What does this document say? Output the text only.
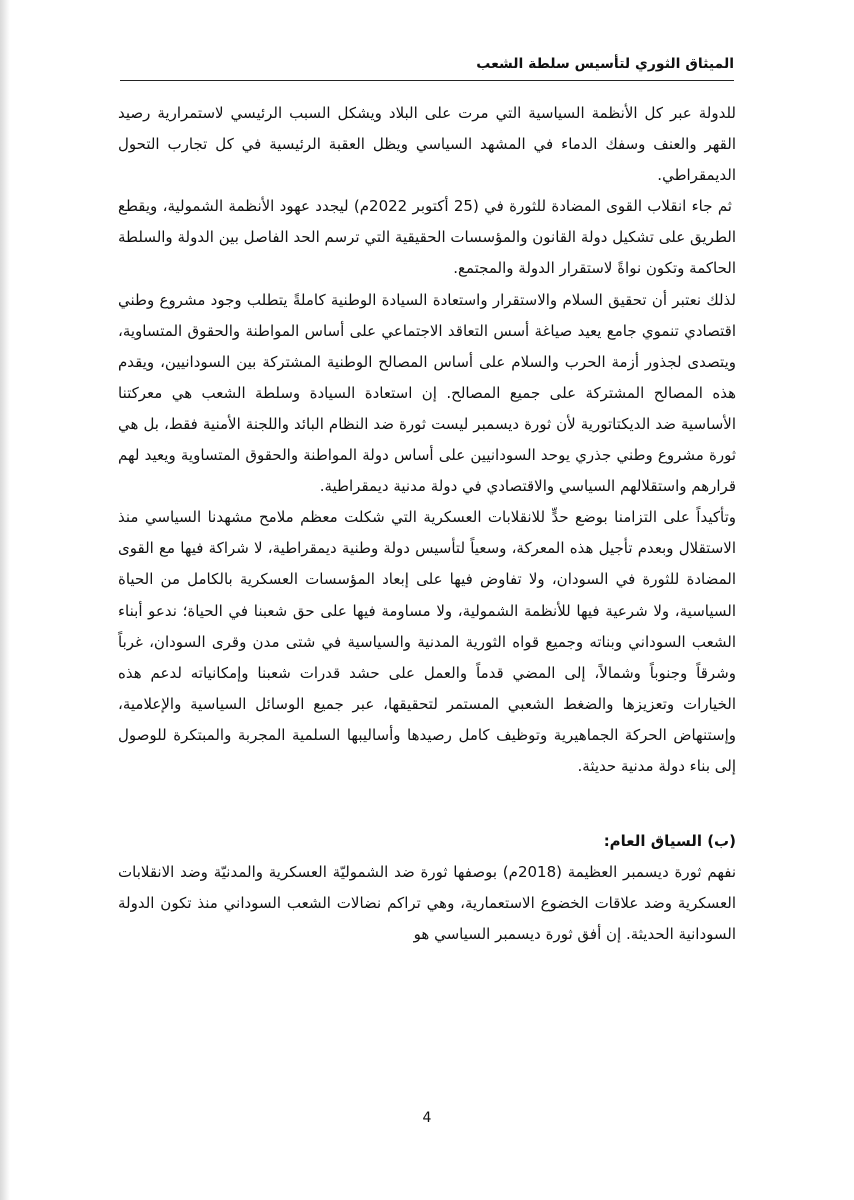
الميثاق الثوري لتأسيس سلطة الشعب

للدولة عبر كل الأنظمة السياسية التي مرت على البلاد ويشكل السبب الرئيسي لاستمرارية رصيد القهر والعنف وسفك الدماء في المشهد السياسي ويظل العقبة الرئيسية في كل تجارب التحول الديمقراطي.

ثم جاء انقلاب القوى المضادة للثورة في (25 أكتوبر 2022م) ليجدد عهود الأنظمة الشمولية، ويقطع الطريق على تشكيل دولة القانون والمؤسسات الحقيقية التي ترسم الحد الفاصل بين الدولة والسلطة الحاكمة وتكون نواةً لاستقرار الدولة والمجتمع.

لذلك نعتبر أن تحقيق السلام والاستقرار واستعادة السيادة الوطنية كاملةً يتطلب وجود مشروع وطني اقتصادي تنموي جامع يعيد صياغة أسس التعاقد الاجتماعي على أساس المواطنة والحقوق المتساوية، ويتصدى لجذور أزمة الحرب والسلام على أساس المصالح الوطنية المشتركة بين السودانيين، ويقدم هذه المصالح المشتركة على جميع المصالح. إن استعادة السيادة وسلطة الشعب هي معركتنا الأساسية ضد الديكتاتورية لأن ثورة ديسمبر ليست ثورة ضد النظام البائد واللجنة الأمنية فقط، بل هي ثورة مشروع وطني جذري يوحد السودانيين على أساس دولة المواطنة والحقوق المتساوية ويعيد لهم قرارهم واستقلالهم السياسي والاقتصادي في دولة مدنية ديمقراطية.

وتأكيداً على التزامنا بوضع حدٍّ للانقلابات العسكرية التي شكلت معظم ملامح مشهدنا السياسي منذ الاستقلال وبعدم تأجيل هذه المعركة، وسعياً لتأسيس دولة وطنية ديمقراطية، لا شراكة فيها مع القوى المضادة للثورة في السودان، ولا تفاوض فيها على إبعاد المؤسسات العسكرية بالكامل من الحياة السياسية، ولا شرعية فيها للأنظمة الشمولية، ولا مساومة فيها على حق شعبنا في الحياة؛ ندعو أبناء الشعب السوداني وبناته وجميع قواه الثورية المدنية والسياسية في شتى مدن وقرى السودان، غرباً وشرقاً وجنوباً وشمالاً، إلى المضي قدماً والعمل على حشد قدرات شعبنا وإمكانياته لدعم هذه الخيارات وتعزيزها والضغط الشعبي المستمر لتحقيقها، عبر جميع الوسائل السياسية والإعلامية، وإستنهاض الحركة الجماهيرية وتوظيف كامل رصيدها وأساليبها السلمية المجربة والمبتكرة للوصول إلى بناء دولة مدنية حديثة.

(ب) السياق العام:

نفهم ثورة ديسمبر العظيمة (2018م) بوصفها ثورة ضد الشموليّة العسكرية والمدنيّة وضد الانقلابات العسكرية وضد علاقات الخضوع الاستعمارية، وهي تراكم نضالات الشعب السوداني منذ تكون الدولة السودانية الحديثة. إن أفق ثورة ديسمبر السياسي هو

4
